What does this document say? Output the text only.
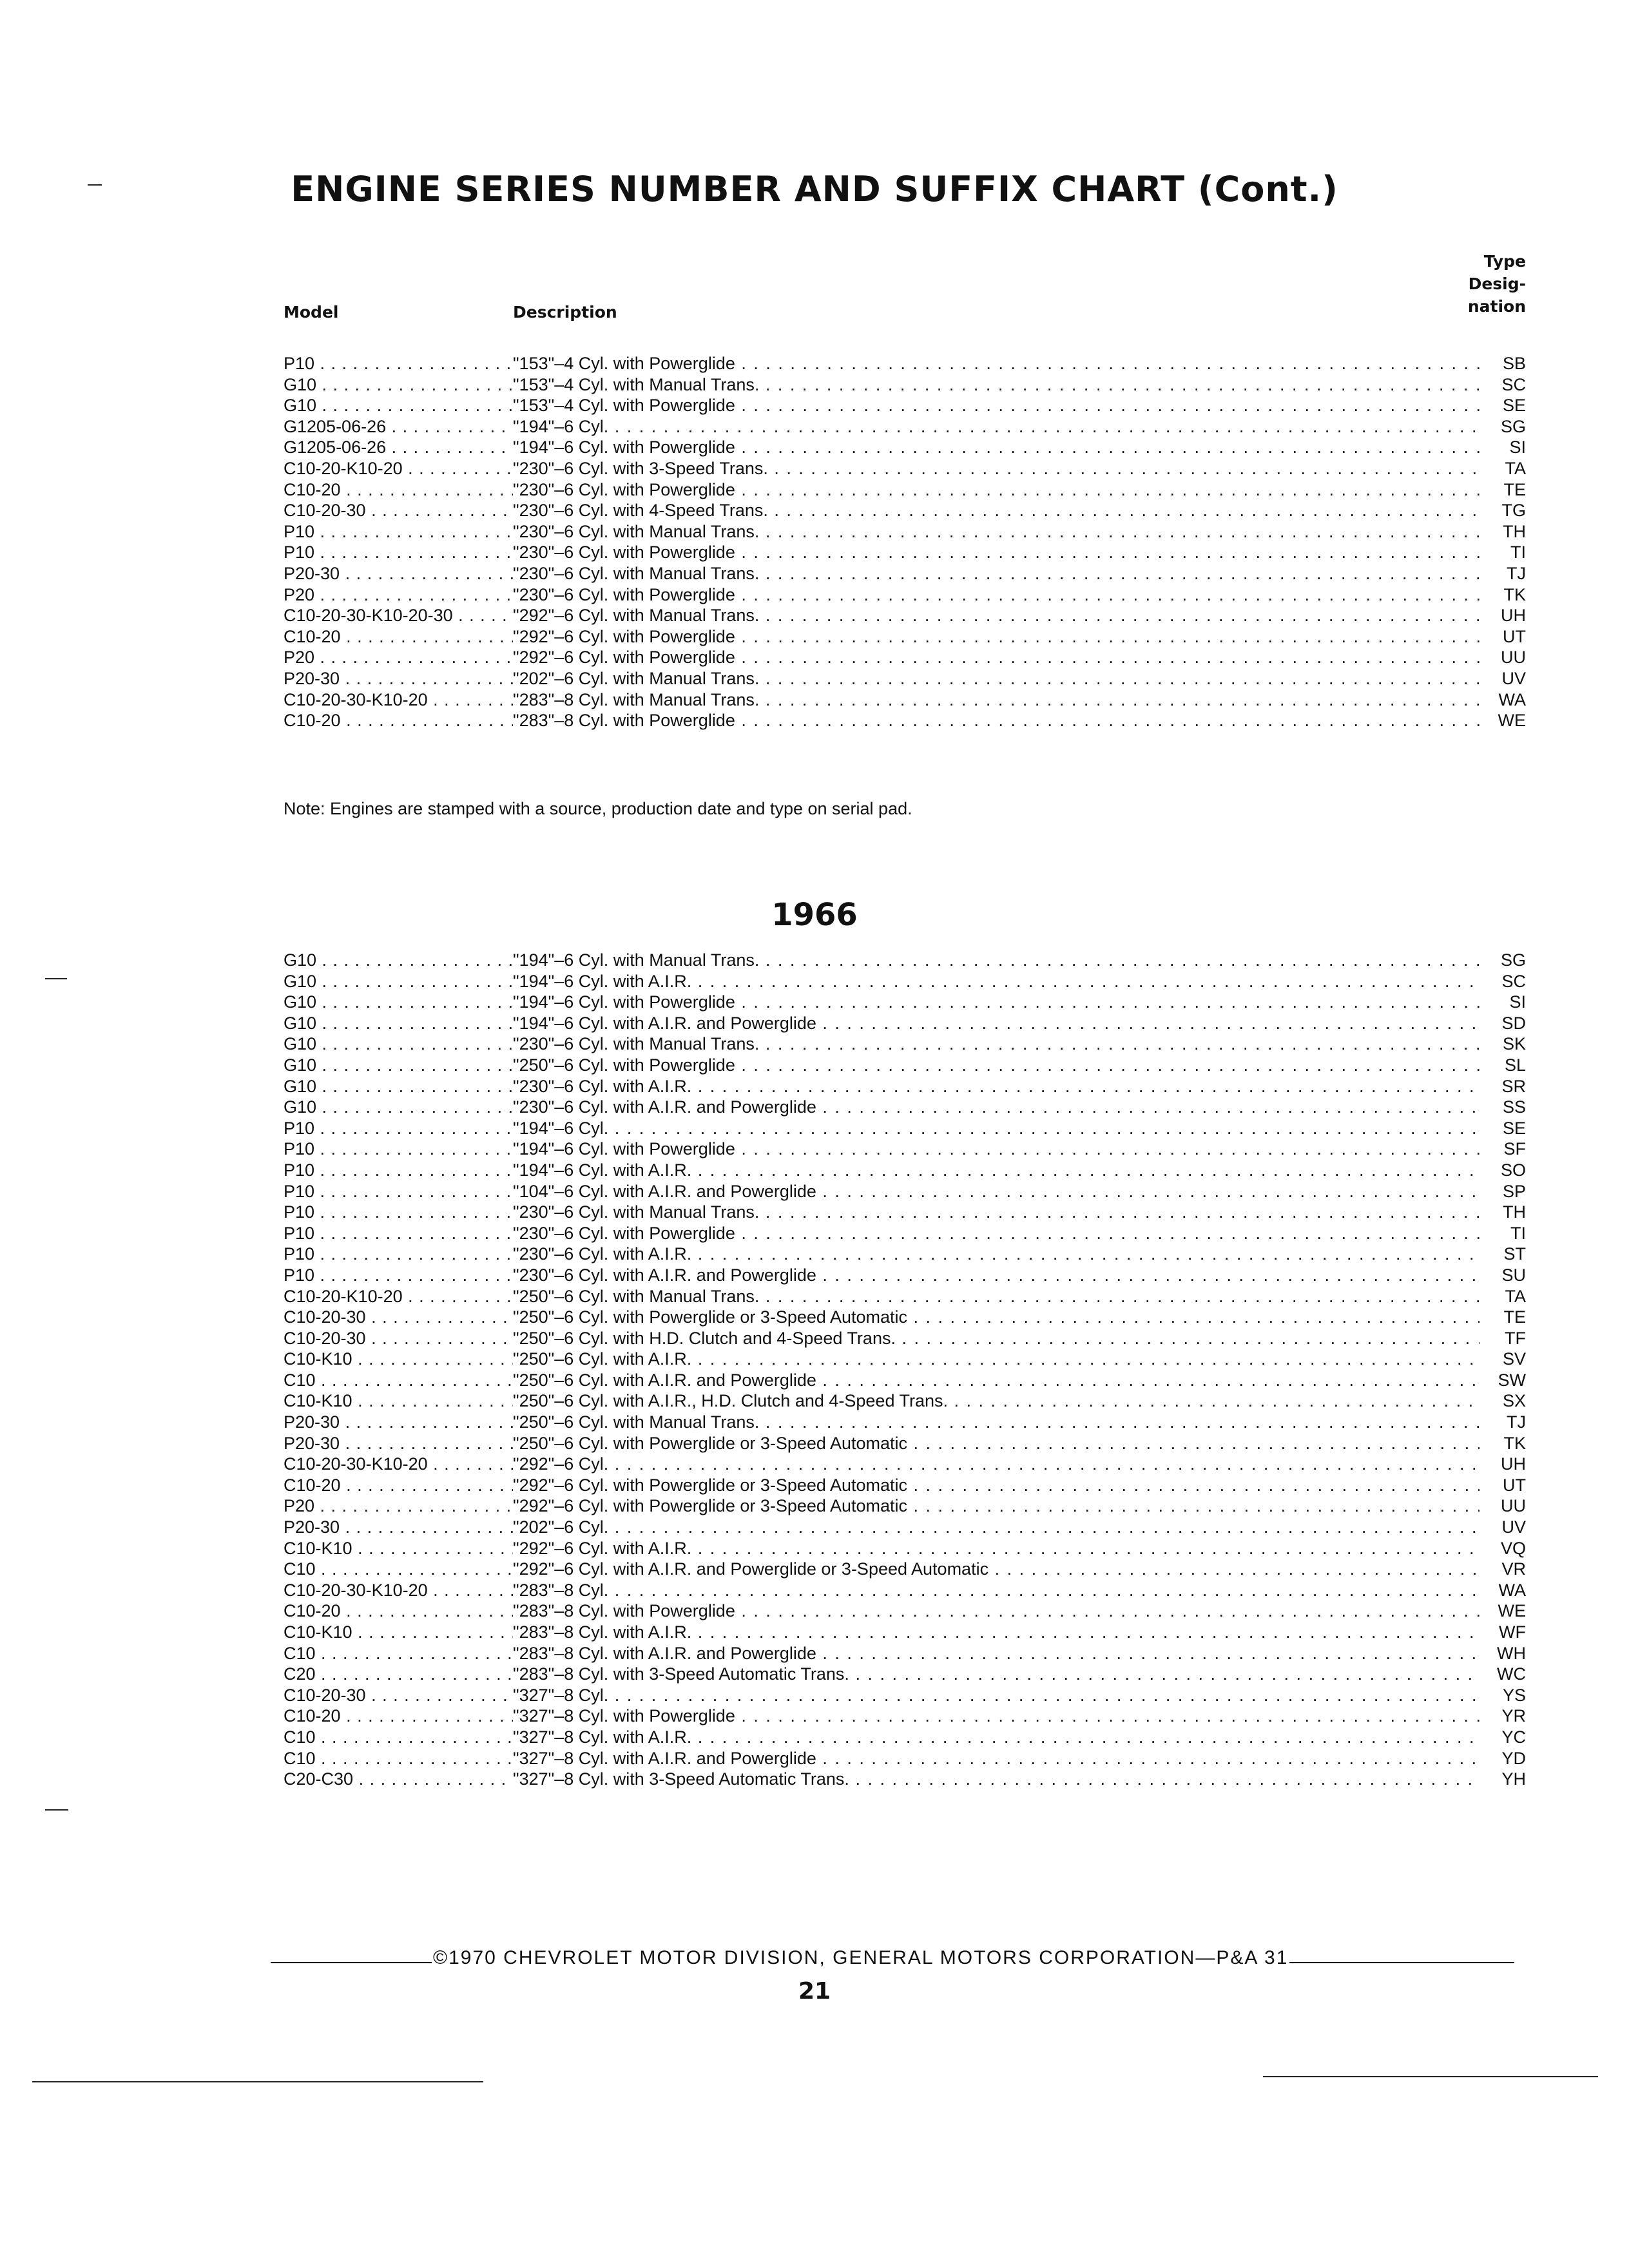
ENGINE SERIES NUMBER AND SUFFIX CHART (Cont.)
Type
Desig-
nation
Model	Description
P10 . . .	"153"–4 Cyl. with Powerglide . . .	SB
G10 . . .	"153"–4 Cyl. with Manual Trans. . . .	SC
G10 . . .	"153"–4 Cyl. with Powerglide . . .	SE
G1205-06-26 . . .	"194"–6 Cyl. . . .	SG
G1205-06-26 . . .	"194"–6 Cyl. with Powerglide . . .	SI
C10-20-K10-20 . . .	"230"–6 Cyl. with 3-Speed Trans. . . .	TA
C10-20 . . .	"230"–6 Cyl. with Powerglide . . .	TE
C10-20-30 . . .	"230"–6 Cyl. with 4-Speed Trans. . . .	TG
P10 . . .	"230"–6 Cyl. with Manual Trans. . . .	TH
P10 . . .	"230"–6 Cyl. with Powerglide . . .	TI
P20-30 . . .	"230"–6 Cyl. with Manual Trans. . . .	TJ
P20 . . .	"230"–6 Cyl. with Powerglide . . .	TK
C10-20-30-K10-20-30 . . .	"292"–6 Cyl. with Manual Trans. . . .	UH
C10-20 . . .	"292"–6 Cyl. with Powerglide . . .	UT
P20 . . .	"292"–6 Cyl. with Powerglide . . .	UU
P20-30 . . .	"202"–6 Cyl. with Manual Trans. . . .	UV
C10-20-30-K10-20 . . .	"283"–8 Cyl. with Manual Trans. . . .	WA
C10-20 . . .	"283"–8 Cyl. with Powerglide . . .	WE
Note: Engines are stamped with a source, production date and type on serial pad.
1966
G10 . . .	"194"–6 Cyl. with Manual Trans. . . .	SG
G10 . . .	"194"–6 Cyl. with A.I.R. . . .	SC
G10 . . .	"194"–6 Cyl. with Powerglide . . .	SI
G10 . . .	"194"–6 Cyl. with A.I.R. and Powerglide . . .	SD
G10 . . .	"230"–6 Cyl. with Manual Trans. . . .	SK
G10 . . .	"250"–6 Cyl. with Powerglide . . .	SL
G10 . . .	"230"–6 Cyl. with A.I.R. . . .	SR
G10 . . .	"230"–6 Cyl. with A.I.R. and Powerglide . . .	SS
P10 . . .	"194"–6 Cyl. . . .	SE
P10 . . .	"194"–6 Cyl. with Powerglide . . .	SF
P10 . . .	"194"–6 Cyl. with A.I.R. . . .	SO
P10 . . .	"104"–6 Cyl. with A.I.R. and Powerglide . . .	SP
P10 . . .	"230"–6 Cyl. with Manual Trans. . . .	TH
P10 . . .	"230"–6 Cyl. with Powerglide . . .	TI
P10 . . .	"230"–6 Cyl. with A.I.R. . . .	ST
P10 . . .	"230"–6 Cyl. with A.I.R. and Powerglide . . .	SU
C10-20-K10-20 . . .	"250"–6 Cyl. with Manual Trans. . . .	TA
C10-20-30 . . .	"250"–6 Cyl. with Powerglide or 3-Speed Automatic . . .	TE
C10-20-30 . . .	"250"–6 Cyl. with H.D. Clutch and 4-Speed Trans. . . .	TF
C10-K10 . . .	"250"–6 Cyl. with A.I.R. . . .	SV
C10 . . .	"250"–6 Cyl. with A.I.R. and Powerglide . . .	SW
C10-K10 . . .	"250"–6 Cyl. with A.I.R., H.D. Clutch and 4-Speed Trans. . . .	SX
P20-30 . . .	"250"–6 Cyl. with Manual Trans. . . .	TJ
P20-30 . . .	"250"–6 Cyl. with Powerglide or 3-Speed Automatic . . .	TK
C10-20-30-K10-20 . . .	"292"–6 Cyl. . . .	UH
C10-20 . . .	"292"–6 Cyl. with Powerglide or 3-Speed Automatic . . .	UT
P20 . . .	"292"–6 Cyl. with Powerglide or 3-Speed Automatic . . .	UU
P20-30 . . .	"202"–6 Cyl. . . .	UV
C10-K10 . . .	"292"–6 Cyl. with A.I.R. . . .	VQ
C10 . . .	"292"–6 Cyl. with A.I.R. and Powerglide or 3-Speed Automatic . . .	VR
C10-20-30-K10-20 . . .	"283"–8 Cyl. . . .	WA
C10-20 . . .	"283"–8 Cyl. with Powerglide . . .	WE
C10-K10 . . .	"283"–8 Cyl. with A.I.R. . . .	WF
C10 . . .	"283"–8 Cyl. with A.I.R. and Powerglide . . .	WH
C20 . . .	"283"–8 Cyl. with 3-Speed Automatic Trans. . . .	WC
C10-20-30 . . .	"327"–8 Cyl. . . .	YS
C10-20 . . .	"327"–8 Cyl. with Powerglide . . .	YR
C10 . . .	"327"–8 Cyl. with A.I.R. . . .	YC
C10 . . .	"327"–8 Cyl. with A.I.R. and Powerglide . . .	YD
C20-C30 . . .	"327"–8 Cyl. with 3-Speed Automatic Trans. . . .	YH
©1970 CHEVROLET MOTOR DIVISION, GENERAL MOTORS CORPORATION—P&A 31
21
